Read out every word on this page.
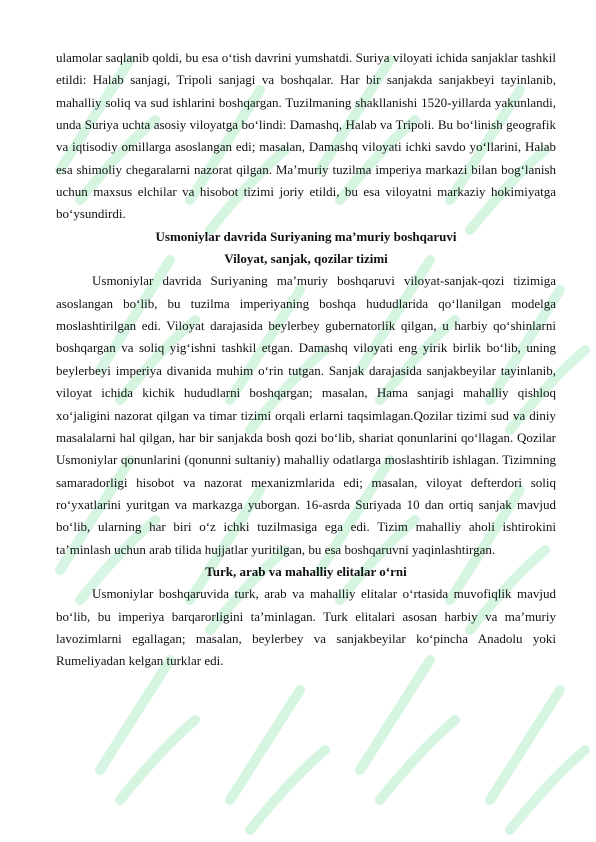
ulamolar saqlanib qoldi, bu esa o‘tish davrini yumshatdi. Suriya viloyati ichida sanjaklar tashkil etildi: Halab sanjagi, Tripoli sanjagi va boshqalar. Har bir sanjakda sanjakbeyi tayinlanib, mahalliy soliq va sud ishlarini boshqargan. Tuzilmaning shakllanishi 1520-yillarda yakunlandi, unda Suriya uchta asosiy viloyatga bo‘lindi: Damashq, Halab va Tripoli. Bu bo‘linish geografik va iqtisodiy omillarga asoslangan edi; masalan, Damashq viloyati ichki savdo yo‘llarini, Halab esa shimoliy chegaralarni nazorat qilgan. Ma’muriy tuzilma imperiya markazi bilan bog‘lanish uchun maxsus elchilar va hisobot tizimi joriy etildi, bu esa viloyatni markaziy hokimiyatga bo‘ysundirdi.

Usmoniylar davrida Suriyaning ma’muriy boshqaruvi

Viloyat, sanjak, qozilar tizimi

Usmoniylar davrida Suriyaning ma’muriy boshqaruvi viloyat-sanjak-qozi tizimiga asoslangan bo‘lib, bu tuzilma imperiyaning boshqa hududlarida qo‘llanilgan modelga moslashtirilgan edi. Viloyat darajasida beylerbey gubernatorlik qilgan, u harbiy qo‘shinlarni boshqargan va soliq yig‘ishni tashkil etgan. Damashq viloyati eng yirik birlik bo‘lib, uning beylerbeyi imperiya divanida muhim o‘rin tutgan. Sanjak darajasida sanjakbeyilar tayinlanib, viloyat ichida kichik hududlarni boshqargan; masalan, Hama sanjagi mahalliy qishloq xo‘jaligini nazorat qilgan va timar tizimi orqali erlarni taqsimlagan.Qozilar tizimi sud va diniy masalalarni hal qilgan, har bir sanjakda bosh qozi bo‘lib, shariat qonunlarini qo‘llagan. Qozilar Usmoniylar qonunlarini (qonunni sultaniy) mahalliy odatlarga moslashtirib ishlagan. Tizimning samaradorligi hisobot va nazorat mexanizmlarida edi; masalan, viloyat defterdori soliq ro‘yxatlarini yuritgan va markazga yuborgan. 16-asrda Suriyada 10 dan ortiq sanjak mavjud bo‘lib, ularning har biri o‘z ichki tuzilmasiga ega edi. Tizim mahalliy aholi ishtirokini ta’minlash uchun arab tilida hujjatlar yuritilgan, bu esa boshqaruvni yaqinlashtirgan.

Turk, arab va mahalliy elitalar o‘rni

Usmoniylar boshqaruvida turk, arab va mahalliy elitalar o‘rtasida muvofiqlik mavjud bo‘lib, bu imperiya barqarorligini ta’minlagan. Turk elitalari asosan harbiy va ma’muriy lavozimlarni egallagan; masalan, beylerbey va sanjakbeyilar ko‘pincha Anadolu yoki Rumeliyadan kelgan turklar edi.
